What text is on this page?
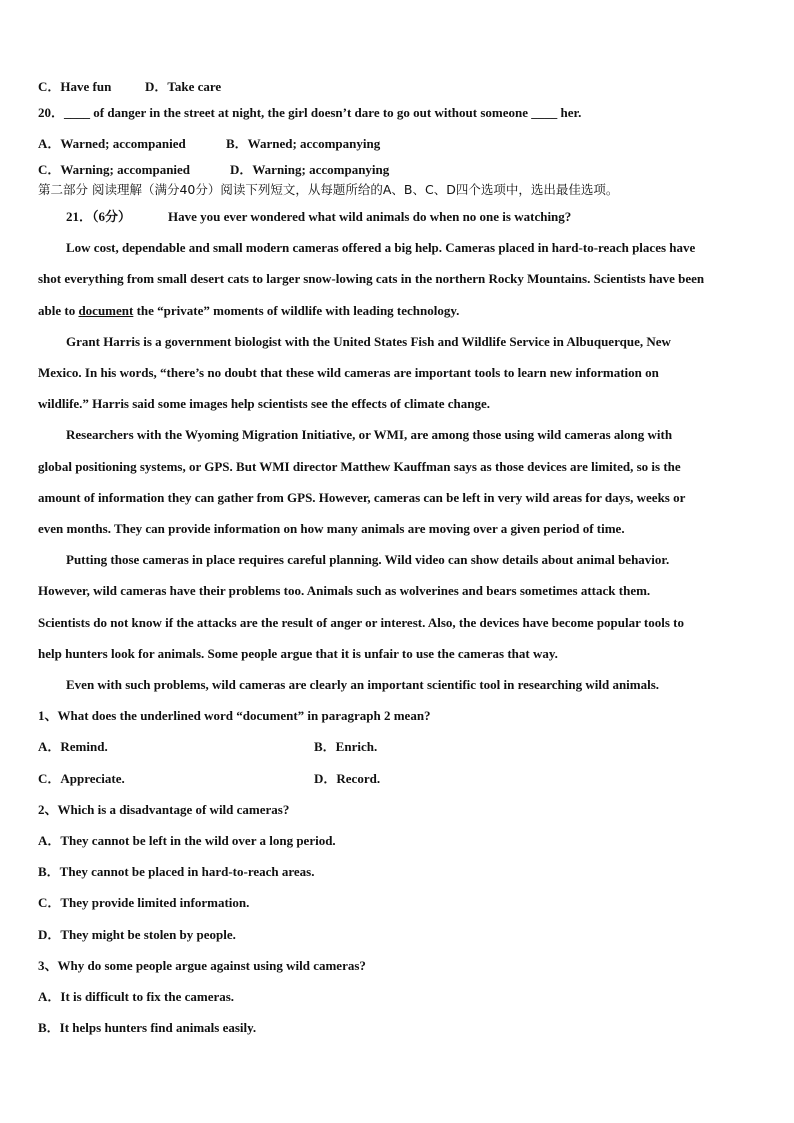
C．Have fun	D．Take care
20．____ of danger in the street at night, the girl doesn’t dare to go out without someone ____ her.
A．Warned; accompanied	B．Warned; accompanying
C．Warning; accompanied	D．Warning; accompanying
第二部分 阅读理解（满分40分）阅读下列短文，从每题所给的A、B、C、D四个选项中，选出最佳选项。
21．（6分）	Have you ever wondered what wild animals do when no one is watching?
Low cost, dependable and small modern cameras offered a big help. Cameras placed in hard-to-reach places have
shot everything from small desert cats to larger snow-lowing cats in the northern Rocky Mountains. Scientists have been
able to document the “private” moments of wildlife with leading technology.
Grant Harris is a government biologist with the United States Fish and Wildlife Service in Albuquerque, New
Mexico. In his words, “there’s no doubt that these wild cameras are important tools to learn new information on
wildlife.” Harris said some images help scientists see the effects of climate change.
Researchers with the Wyoming Migration Initiative, or WMI, are among those using wild cameras along with
global positioning systems, or GPS. But WMI director Matthew Kauffman says as those devices are limited, so is the
amount of information they can gather from GPS. However, cameras can be left in very wild areas for days, weeks or
even months. They can provide information on how many animals are moving over a given period of time.
Putting those cameras in place requires careful planning. Wild video can show details about animal behavior.
However, wild cameras have their problems too. Animals such as wolverines and bears sometimes attack them.
Scientists do not know if the attacks are the result of anger or interest. Also, the devices have become popular tools to
help hunters look for animals. Some people argue that it is unfair to use the cameras that way.
Even with such problems, wild cameras are clearly an important scientific tool in researching wild animals.
1、What does the underlined word “document” in paragraph 2 mean?
A．Remind.	B．Enrich.
C．Appreciate.	D．Record.
2、Which is a disadvantage of wild cameras?
A．They cannot be left in the wild over a long period.
B．They cannot be placed in hard-to-reach areas.
C．They provide limited information.
D．They might be stolen by people.
3、Why do some people argue against using wild cameras?
A．It is difficult to fix the cameras.
B．It helps hunters find animals easily.
